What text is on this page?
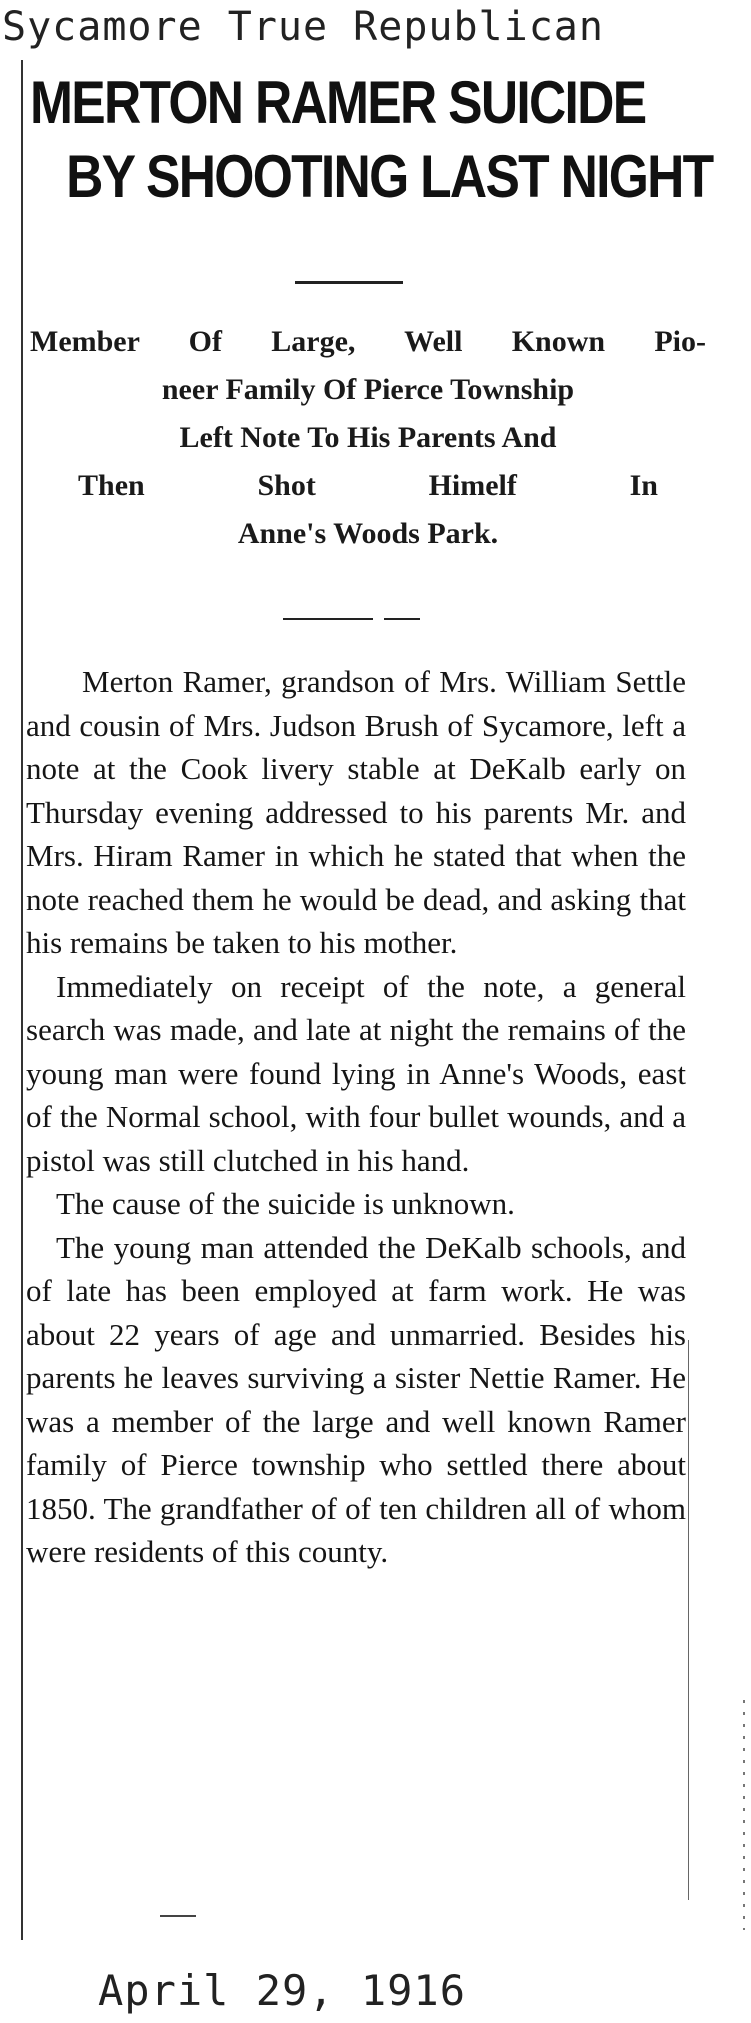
Sycamore True Republican
MERTON RAMER SUICIDE
BY SHOOTING LAST NIGHT
Member Of Large, Well Known Pio-
neer Family Of Pierce Township
Left Note To His Parents And
Then Shot Himelf In
Anne's Woods Park.

Merton Ramer, grandson of Mrs. William Settle and cousin of Mrs. Judson Brush of Sycamore, left a note at the Cook livery stable at DeKalb early on Thursday evening addressed to his parents Mr. and Mrs. Hiram Ramer in which he stated that when the note reached them he would be dead, and asking that his remains be taken to his mother.

Immediately on receipt of the note, a general search was made, and late at night the remains of the young man were found lying in Anne's Woods, east of the Normal school, with four bullet wounds, and a pistol was still clutched in his hand.

The cause of the suicide is unknown.

The young man attended the DeKalb schools, and of late has been employed at farm work. He was about 22 years of age and unmarried. Besides his parents he leaves surviving a sister Nettie Ramer. He was a member of the large and well known Ramer family of Pierce township who settled there about 1850. The grandfather of of ten children all of whom were residents of this county.

April 29, 1916
